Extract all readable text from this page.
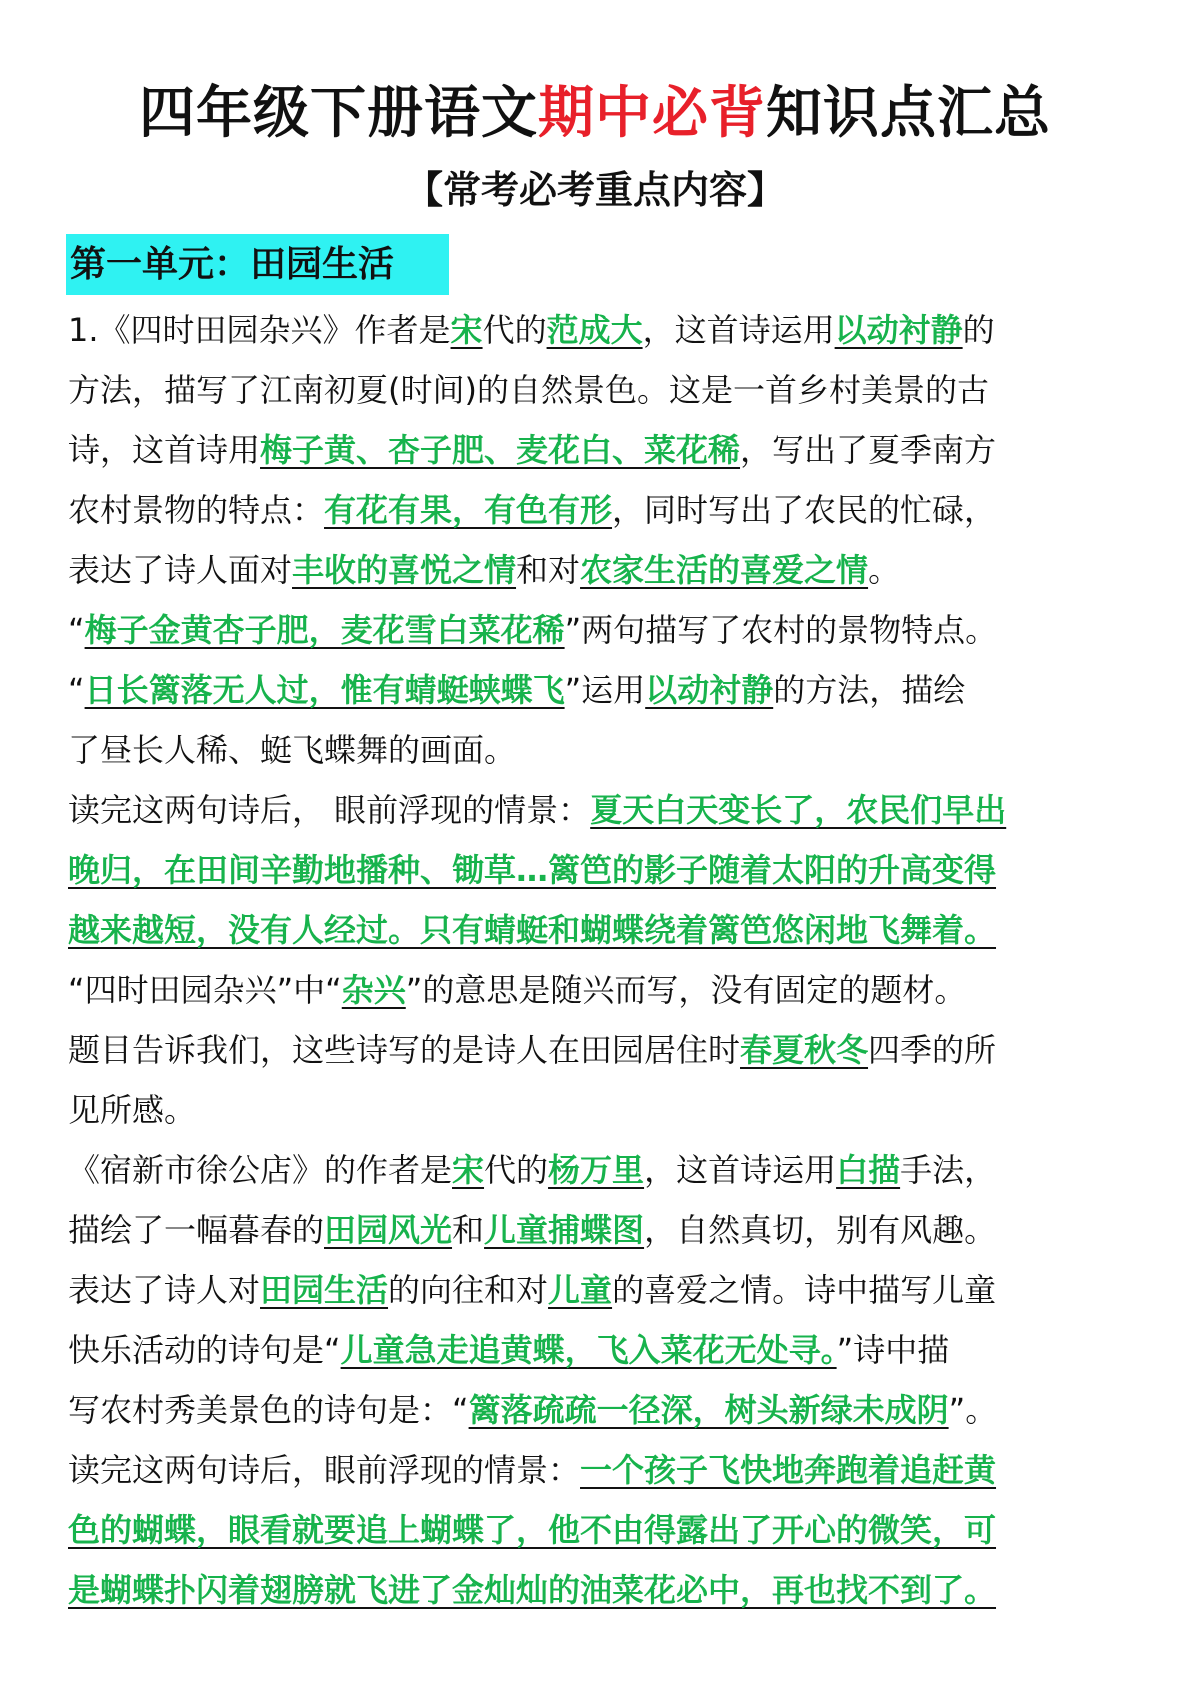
四年级下册语文期中必背知识点汇总
【常考必考重点内容】
第一单元：田园生活
1.《四时田园杂兴》作者是宋代的范成大，这首诗运用以动衬静的
方法，描写了江南初夏(时间)的自然景色。这是一首乡村美景的古
诗，这首诗用梅子黄、杏子肥、麦花白、菜花稀，写出了夏季南方
农村景物的特点：有花有果，有色有形，同时写出了农民的忙碌，
表达了诗人面对丰收的喜悦之情和对农家生活的喜爱之情。
“梅子金黄杏子肥，麦花雪白菜花稀”两句描写了农村的景物特点。
“日长篱落无人过，惟有蜻蜓蛱蝶飞”运用以动衬静的方法，描绘
了昼长人稀、蜓飞蝶舞的画面。
读完这两句诗后， 眼前浮现的情景：夏天白天变长了，农民们早出
晚归，在田间辛勤地播种、锄草…篱笆的影子随着太阳的升高变得
越来越短，没有人经过。只有蜻蜓和蝴蝶绕着篱笆悠闲地飞舞着。
“四时田园杂兴”中“杂兴”的意思是随兴而写，没有固定的题材。
题目告诉我们，这些诗写的是诗人在田园居住时春夏秋冬四季的所
见所感。
《宿新市徐公店》的作者是宋代的杨万里，这首诗运用白描手法，
描绘了一幅暮春的田园风光和儿童捕蝶图，自然真切，别有风趣。
表达了诗人对田园生活的向往和对儿童的喜爱之情。诗中描写儿童
快乐活动的诗句是“儿童急走追黄蝶，飞入菜花无处寻。”诗中描
写农村秀美景色的诗句是：“篱落疏疏一径深，树头新绿未成阴”。
读完这两句诗后，眼前浮现的情景：一个孩子飞快地奔跑着追赶黄
色的蝴蝶，眼看就要追上蝴蝶了，他不由得露出了开心的微笑，可
是蝴蝶扑闪着翅膀就飞进了金灿灿的油菜花必中，再也找不到了。
